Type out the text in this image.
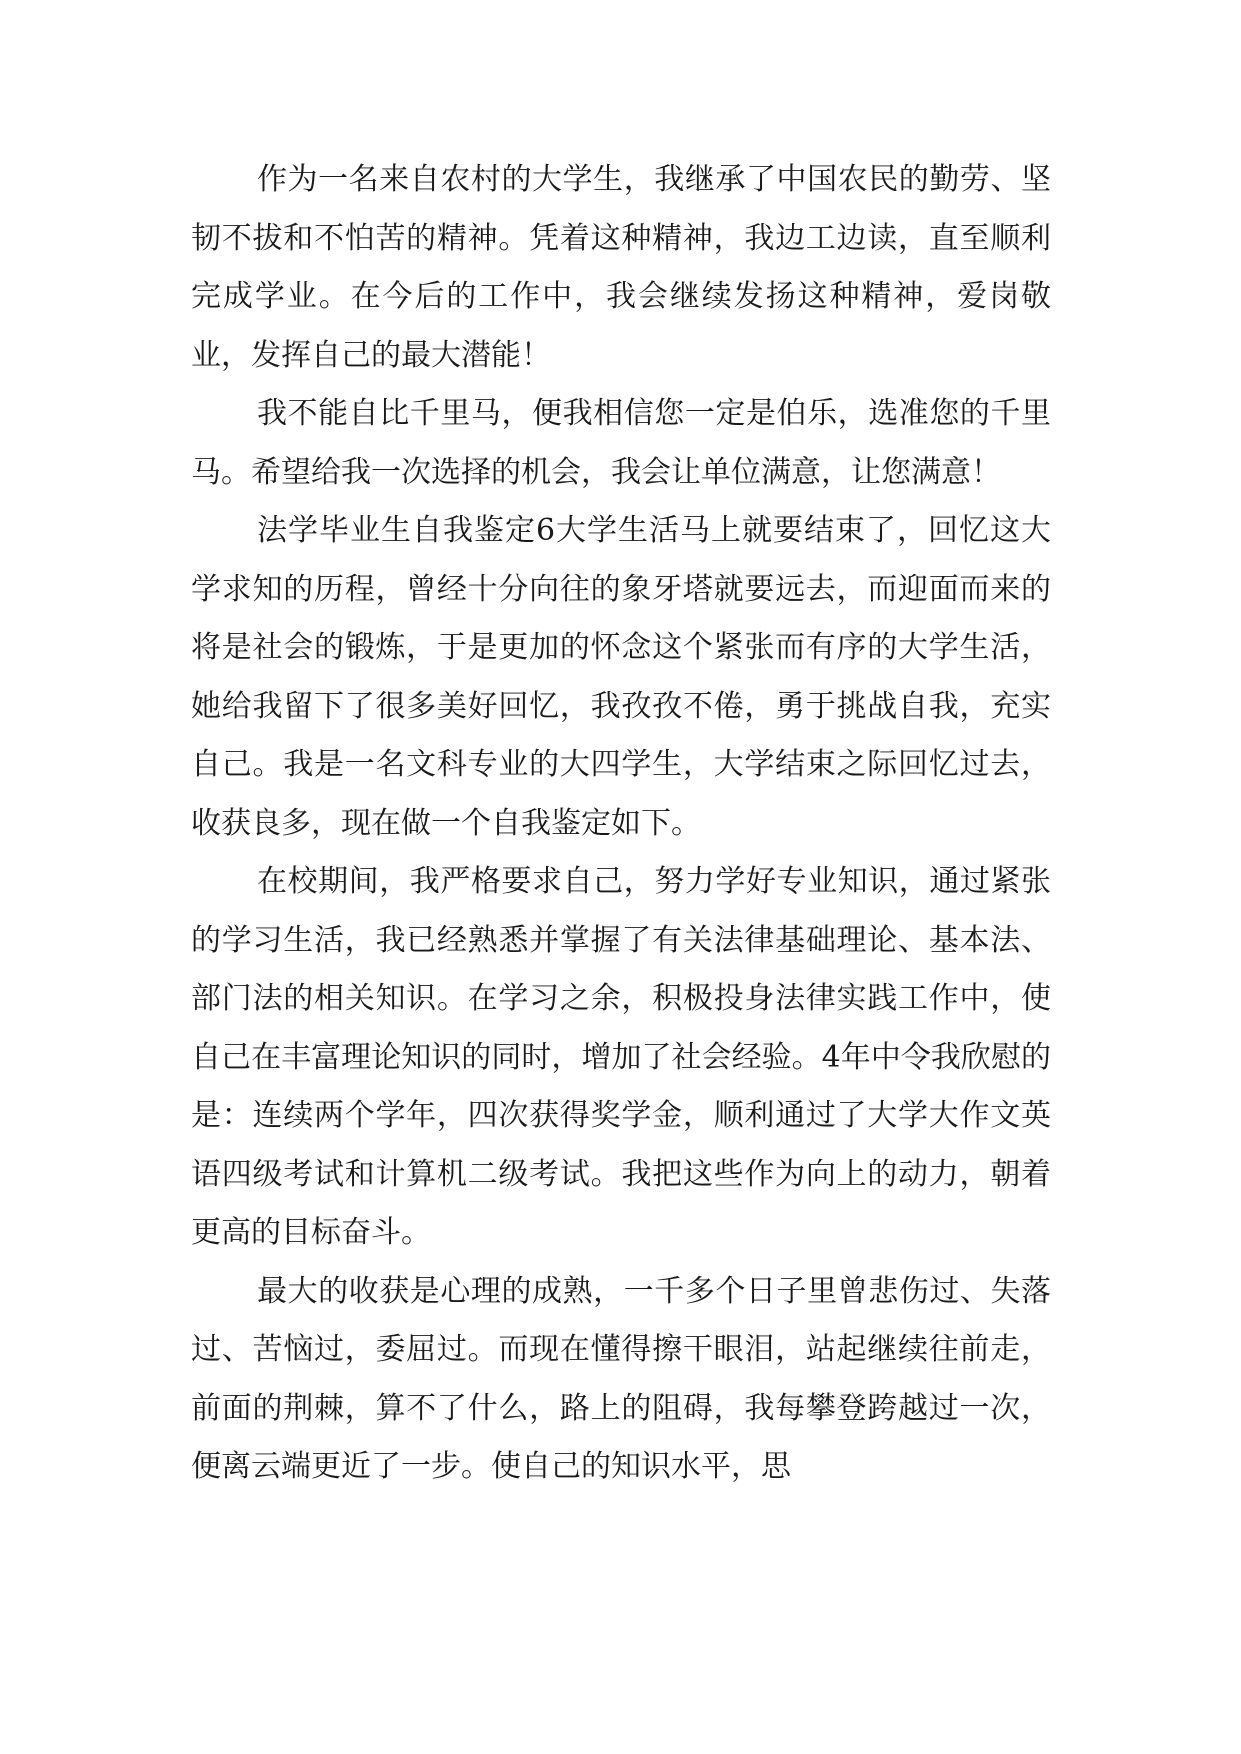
作为一名来自农村的大学生，我继承了中国农民的勤劳、坚韧不拔和不怕苦的精神。凭着这种精神，我边工边读，直至顺利完成学业。在今后的工作中，我会继续发扬这种精神，爱岗敬业，发挥自己的最大潜能！

我不能自比千里马，便我相信您一定是伯乐，选准您的千里马。希望给我一次选择的机会，我会让单位满意，让您满意！

法学毕业生自我鉴定6大学生活马上就要结束了，回忆这大学求知的历程，曾经十分向往的象牙塔就要远去，而迎面而来的将是社会的锻炼，于是更加的怀念这个紧张而有序的大学生活，她给我留下了很多美好回忆，我孜孜不倦，勇于挑战自我，充实自己。我是一名文科专业的大四学生，大学结束之际回忆过去，收获良多，现在做一个自我鉴定如下。

在校期间，我严格要求自己，努力学好专业知识，通过紧张的学习生活，我已经熟悉并掌握了有关法律基础理论、基本法、部门法的相关知识。在学习之余，积极投身法律实践工作中，使自己在丰富理论知识的同时，增加了社会经验。4年中令我欣慰的是：连续两个学年，四次获得奖学金，顺利通过了大学大作文英语四级考试和计算机二级考试。我把这些作为向上的动力，朝着更高的目标奋斗。

最大的收获是心理的成熟，一千多个日子里曾悲伤过、失落过、苦恼过，委屈过。而现在懂得擦干眼泪，站起继续往前走，前面的荆棘，算不了什么，路上的阻碍，我每攀登跨越过一次，便离云端更近了一步。使自己的知识水平，思
